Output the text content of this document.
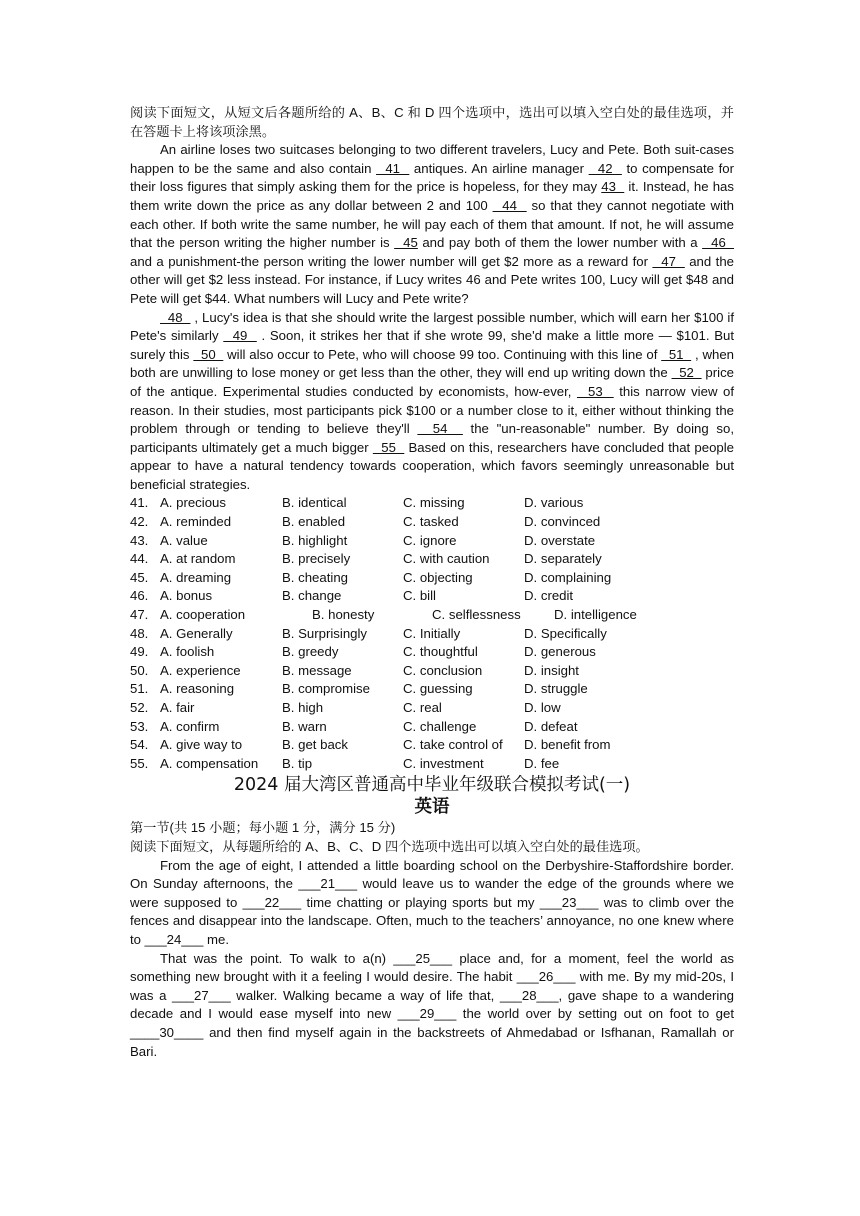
阅读下面短文，从短文后各题所给的 A、B、C 和 D 四个选项中，选出可以填入空白处的最佳选项，并在答题卡上将该项涂黑。

An airline loses two suitcases belonging to two different travelers, Lucy and Pete. Both suit-cases happen to be the same and also contain   41   antiques. An airline manager   42   to compensate for their loss figures that simply asking them for the price is hopeless, for they may 43   it. Instead, he has them write down the price as any dollar between 2 and 100   44   so that they cannot negotiate with each other. If both write the same number, he will pay each of them that amount. If not, he will assume that the person writing the higher number is   45 and pay both of them the lower number with a   46   and a punishment-the person writing the lower number will get $2 more as a reward for   47   and the other will get $2 less instead. For instance, if Lucy writes 46 and Pete writes 100, Lucy will get $48 and Pete will get $44. What numbers will Lucy and Pete write?

48   , Lucy's idea is that she should write the largest possible number, which will earn her $100 if Pete's similarly   49   . Soon, it strikes her that if she wrote 99, she'd make a little more — $101. But surely this   50   will also occur to Pete, who will choose 99 too. Continuing with this line of   51   , when both are unwilling to lose money or get less than the other, they will end up writing down the   52   price of the antique. Experimental studies conducted by economists, how-ever,   53   this narrow view of reason. In their studies, most participants pick $100 or a number close to it, either without thinking the problem through or tending to believe they'll   54   the "un-reasonable" number. By doing so, participants ultimately get a much bigger   55   Based on this, researchers have concluded that people appear to have a natural tendency towards cooperation, which favors seemingly unreasonable but beneficial strategies.

41. A. precious	B. identical	C. missing	D. various
42. A. reminded	B. enabled	C. tasked	D. convinced
43. A. value	B. highlight	C. ignore	D. overstate
44. A. at random	B. precisely	C. with caution	D. separately
45. A. dreaming	B. cheating	C. objecting	D. complaining
46. A. bonus	B. change	C. bill	D. credit
47. A. cooperation	B. honesty	C. selflessness	D. intelligence
48. A. Generally	B. Surprisingly	C. Initially	D. Specifically
49. A. foolish	B. greedy	C. thoughtful	D. generous
50. A. experience	B. message	C. conclusion	D. insight
51. A. reasoning	B. compromise	C. guessing	D. struggle
52. A. fair	B. high	C. real	D. low
53. A. confirm	B. warn	C. challenge	D. defeat
54. A. give way to	B. get back	C. take control of	D. benefit from
55. A. compensation	B. tip	C. investment	D. fee
2024 届大湾区普通高中毕业年级联合模拟考试(一)
英语

第一节(共 15 小题；每小题 1 分，满分 15 分)

阅读下面短文，从每题所给的 A、B、C、D 四个选项中选出可以填入空白处的最佳选项。

From the age of eight, I attended a little boarding school on the Derbyshire-Staffordshire border. On Sunday afternoons, the ___21___ would leave us to wander the edge of the grounds where we were supposed to ___22___ time chatting or playing sports but my ___23___ was to climb over the fences and disappear into the landscape. Often, much to the teachers’ annoyance, no one knew where to ___24___ me.

That was the point. To walk to a(n) ___25___ place and, for a moment, feel the world as something new brought with it a feeling I would desire. The habit ___26___ with me. By my mid-20s, I was a ___27___ walker. Walking became a way of life that, ___28___, gave shape to a wandering decade and I would ease myself into new ___29___ the world over by setting out on foot to get ____30____ and then find myself again in the backstreets of Ahmedabad or Isfhanan, Ramallah or Bari.
